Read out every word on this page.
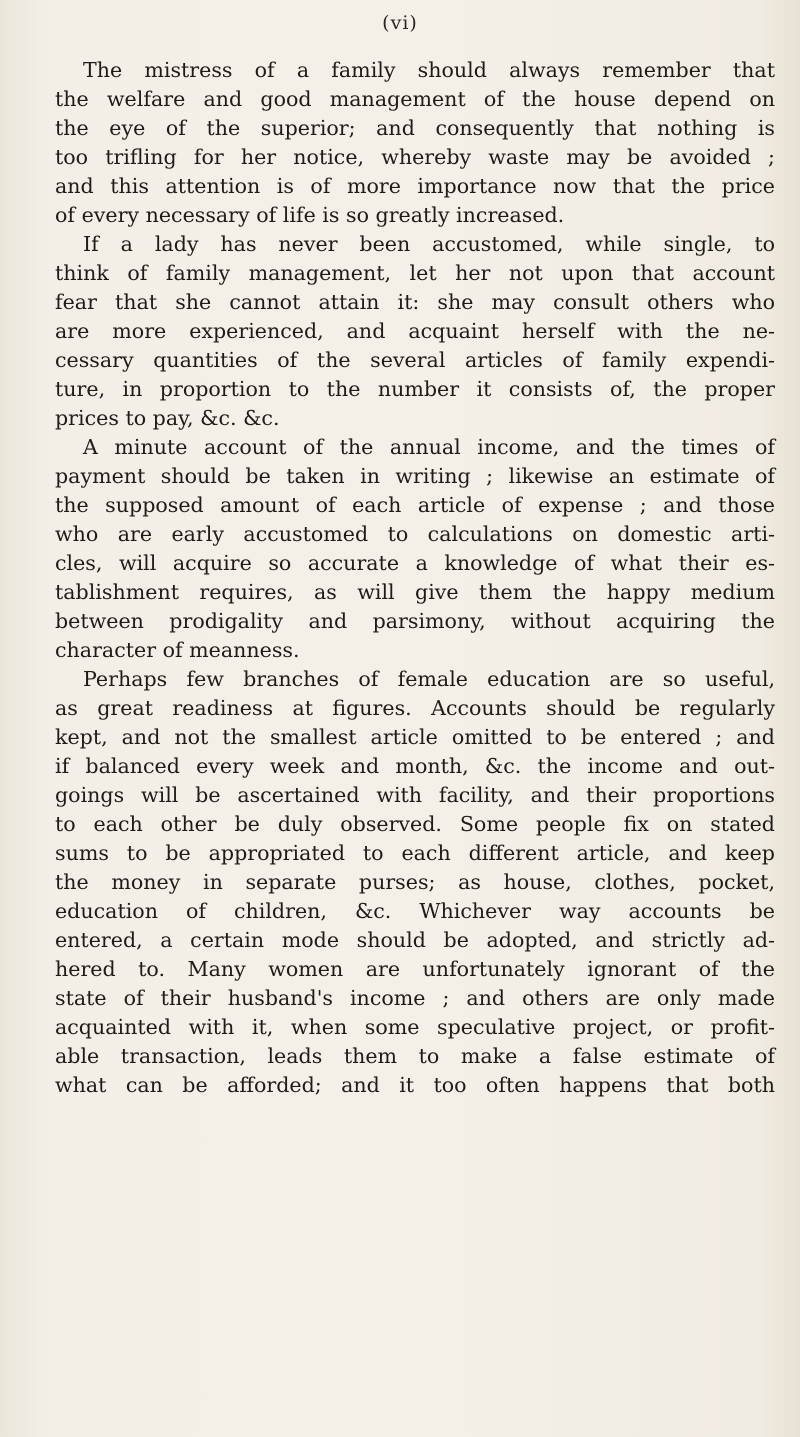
(vi)
The mistress of a family should always remember that
the welfare and good management of the house depend on
the eye of the superior; and consequently that nothing is
too trifling for her notice, whereby waste may be avoided ;
and this attention is of more importance now that the price
of every necessary of life is so greatly increased.
If a lady has never been accustomed, while single, to
think of family management, let her not upon that account
fear that she cannot attain it: she may consult others who
are more experienced, and acquaint herself with the ne-
cessary quantities of the several articles of family expendi-
ture, in proportion to the number it consists of, the proper
prices to pay, &c. &c.
A minute account of the annual income, and the times of
payment should be taken in writing ; likewise an estimate of
the supposed amount of each article of expense ; and those
who are early accustomed to calculations on domestic arti-
cles, will acquire so accurate a knowledge of what their es-
tablishment requires, as will give them the happy medium
between prodigality and parsimony, without acquiring the
character of meanness.
Perhaps few branches of female education are so useful,
as great readiness at figures. Accounts should be regularly
kept, and not the smallest article omitted to be entered ; and
if balanced every week and month, &c. the income and out-
goings will be ascertained with facility, and their proportions
to each other be duly observed. Some people fix on stated
sums to be appropriated to each different article, and keep
the money in separate purses; as house, clothes, pocket,
education of children, &c. Whichever way accounts be
entered, a certain mode should be adopted, and strictly ad-
hered to. Many women are unfortunately ignorant of the
state of their husband's income ; and others are only made
acquainted with it, when some speculative project, or profit-
able transaction, leads them to make a false estimate of
what can be afforded; and it too often happens that both
